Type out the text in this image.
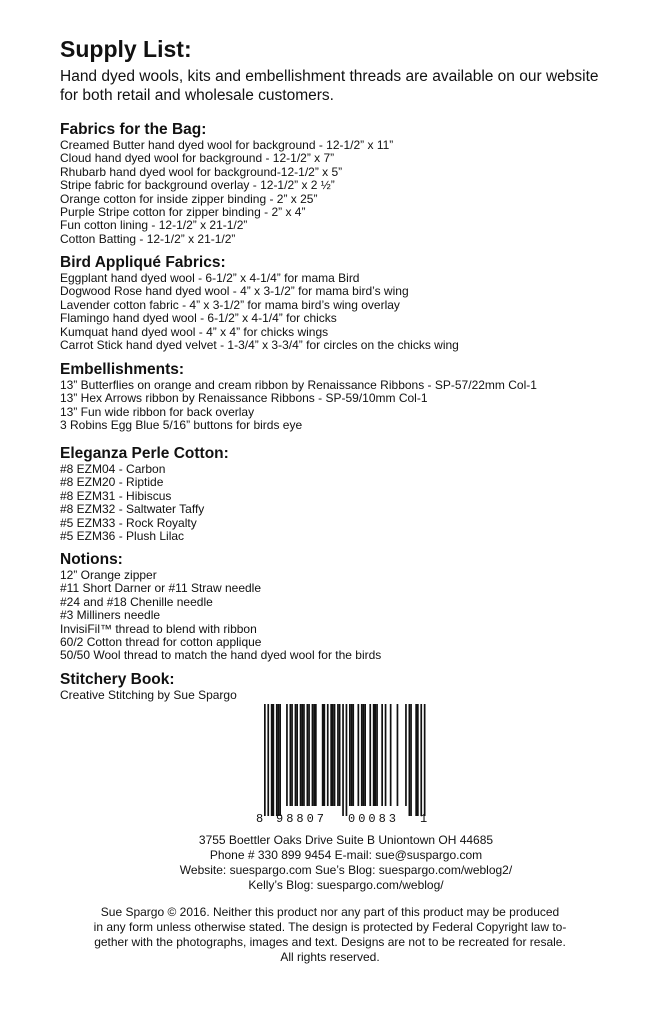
Supply List:

Hand dyed wools, kits and embellishment threads are available on our website for both retail and wholesale customers.

Fabrics for the Bag:
Creamed Butter hand dyed wool for background - 12-1/2” x 11”
Cloud hand dyed wool for background - 12-1/2” x 7”
Rhubarb hand dyed wool for background-12-1/2” x 5”
Stripe fabric for background overlay - 12-1/2” x 2 ½”
Orange cotton for inside zipper binding - 2” x 25”
Purple Stripe cotton for zipper binding - 2” x 4”
Fun cotton lining - 12-1/2” x 21-1/2”
Cotton Batting - 12-1/2” x 21-1/2”
Bird Appliqué Fabrics:
Eggplant hand dyed wool - 6-1/2” x 4-1/4” for mama Bird
Dogwood Rose hand dyed wool - 4” x 3-1/2” for mama bird’s wing
Lavender cotton fabric - 4” x 3-1/2” for mama bird’s wing overlay
Flamingo hand dyed wool - 6-1/2” x 4-1/4” for chicks
Kumquat hand dyed wool - 4” x 4” for chicks wings
Carrot Stick hand dyed velvet - 1-3/4” x 3-3/4” for circles on the chicks wing
Embellishments:
13” Butterflies on orange and cream ribbon by Renaissance Ribbons - SP-57/22mm Col-1
13” Hex Arrows ribbon by Renaissance Ribbons - SP-59/10mm Col-1
13” Fun wide ribbon for back overlay
3 Robins Egg Blue 5/16” buttons for birds eye
Eleganza Perle Cotton:
#8 EZM04 - Carbon
#8 EZM20 - Riptide
#8 EZM31 - Hibiscus
#8 EZM32 - Saltwater Taffy
#5 EZM33 - Rock Royalty
#5 EZM36 - Plush Lilac
Notions:
12” Orange zipper
#11 Short Darner or #11 Straw needle
#24 and #18 Chenille needle
#3 Milliners needle
InvisiFil™ thread to blend with ribbon
60/2 Cotton thread for cotton applique
50/50 Wool thread to match the hand dyed wool for the birds
Stitchery Book:
Creative Stitching by Sue Spargo
8 98807 00083 1
3755 Boettler Oaks Drive Suite B Uniontown OH 44685
Phone # 330 899 9454 E-mail: sue@suspargo.com
Website: suespargo.com Sue’s Blog: suespargo.com/weblog2/
Kelly’s Blog: suespargo.com/weblog/
Sue Spargo © 2016. Neither this product nor any part of this product may be produced
in any form unless otherwise stated. The design is protected by Federal Copyright law to-
gether with the photographs, images and text. Designs are not to be recreated for resale.
All rights reserved.
